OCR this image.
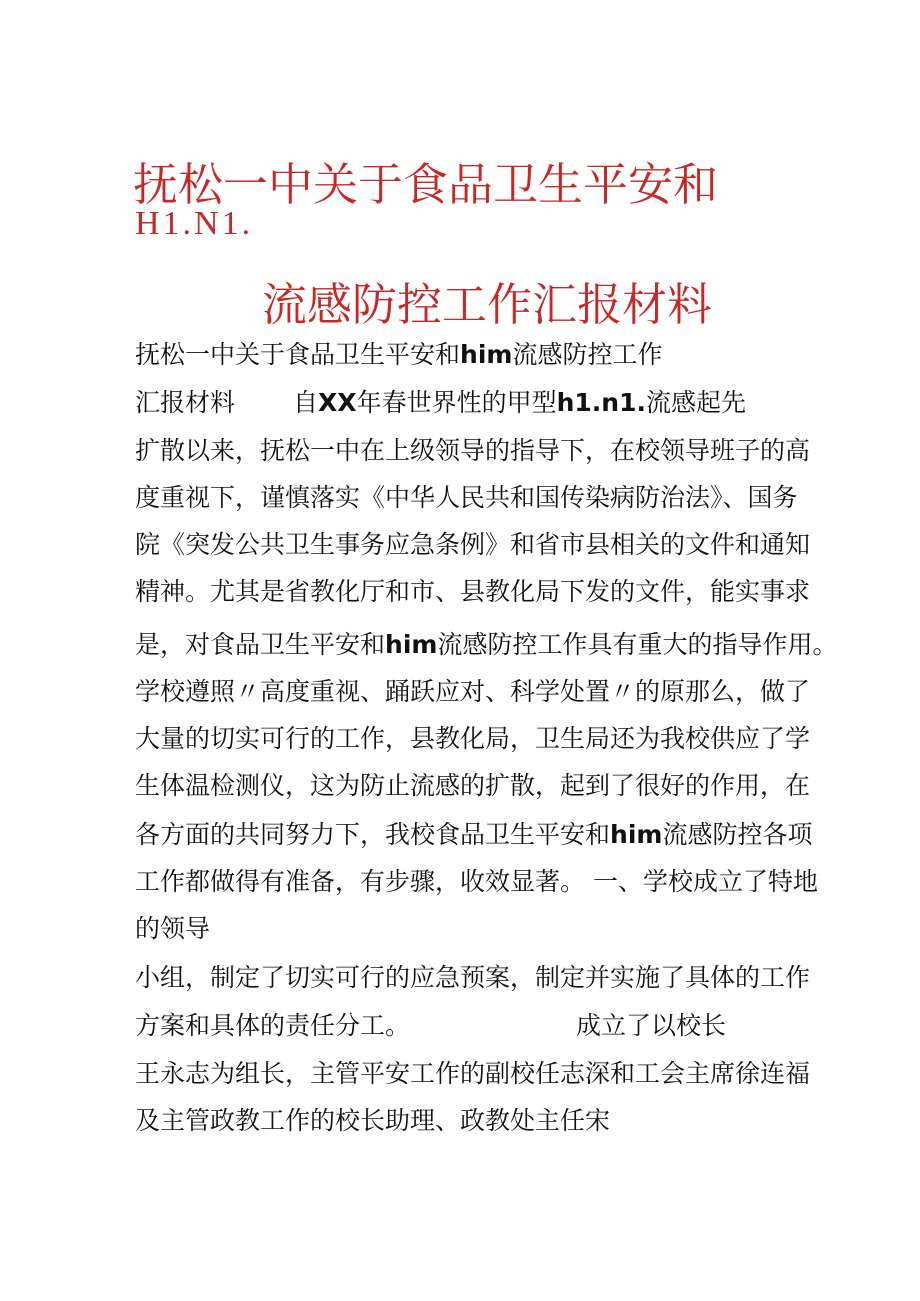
抚松一中关于食品卫生平安和
H1.N1.
流感防控工作汇报材料
抚松一中关于食品卫生平安和him流感防控工作
汇报材料 自XX年春世界性的甲型h1.n1.流感起先
扩散以来，抚松一中在上级领导的指导下，在校领导班子的高
度重视下，谨慎落实《中华人民共和国传染病防治法》、国务
院《突发公共卫生事务应急条例》和省市县相关的文件和通知
精神。尤其是省教化厅和市、县教化局下发的文件，能实事求
是，对食品卫生平安和him流感防控工作具有重大的指导作用。
学校遵照〃高度重视、踊跃应对、科学处置〃的原那么，做了
大量的切实可行的工作，县教化局，卫生局还为我校供应了学
生体温检测仪，这为防止流感的扩散，起到了很好的作用，在
各方面的共同努力下，我校食品卫生平安和him流感防控各项
工作都做得有准备，有步骤，收效显著。 一、学校成立了特地
的领导
小组，制定了切实可行的应急预案，制定并实施了具体的工作
方案和具体的责任分工。	成立了以校长
王永志为组长，主管平安工作的副校任志深和工会主席徐连福
及主管政教工作的校长助理、政教处主任宋
